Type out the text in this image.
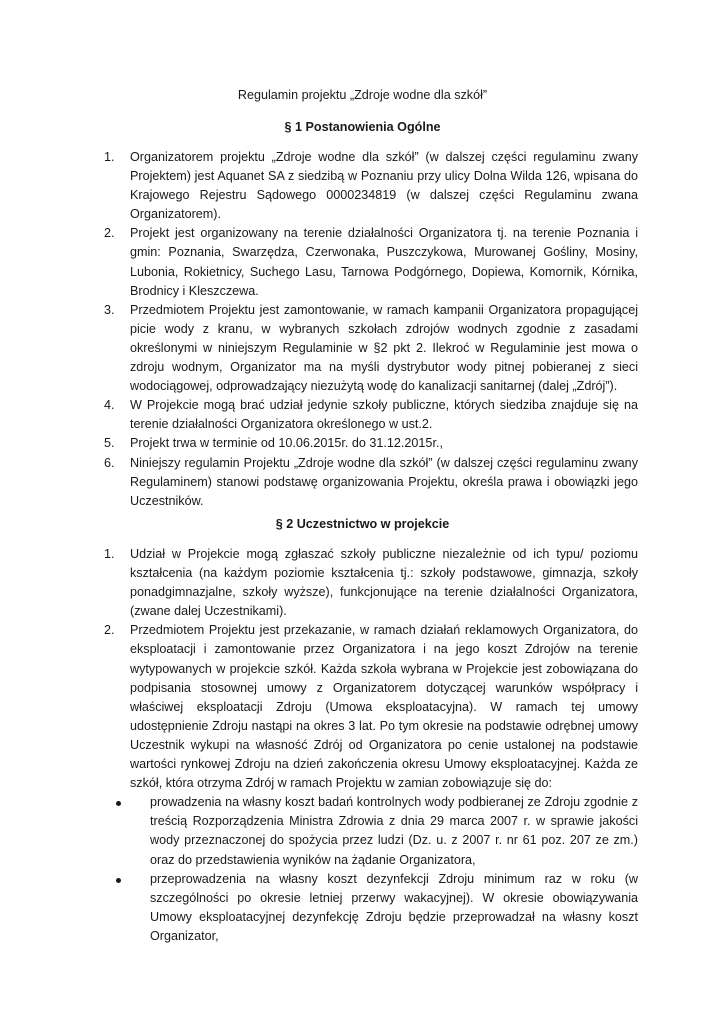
Regulamin projektu „Zdroje wodne dla szkół”
§ 1 Postanowienia Ogólne
1.	Organizatorem projektu „Zdroje wodne dla szkół” (w dalszej części regulaminu zwany Projektem) jest Aquanet SA z siedzibą w Poznaniu przy ulicy Dolna Wilda 126, wpisana do Krajowego Rejestru Sądowego 0000234819 (w dalszej części Regulaminu zwana Organizatorem).
2.	Projekt jest organizowany na terenie działalności Organizatora tj. na terenie Poznania i gmin: Poznania, Swarzędza, Czerwonaka, Puszczykowa, Murowanej Gośliny, Mosiny, Lubonia, Rokietnicy, Suchego Lasu, Tarnowa Podgórnego, Dopiewa, Komornik, Kórnika, Brodnicy i Kleszczewa.
3.	Przedmiotem Projektu jest zamontowanie, w ramach kampanii Organizatora propagującej picie wody z kranu, w wybranych szkołach zdrojów wodnych zgodnie z zasadami określonymi w niniejszym Regulaminie w §2 pkt 2. Ilekroć w Regulaminie jest mowa o zdroju wodnym, Organizator ma na myśli dystrybutor wody pitnej pobieranej z sieci wodociągowej, odprowadzający niezużytą wodę do kanalizacji sanitarnej (dalej „Zdrój”).
4.	W Projekcie mogą brać udział jedynie szkoły publiczne, których siedziba znajduje się na terenie działalności Organizatora określonego w ust.2.
5.	Projekt trwa w terminie od 10.06.2015r. do 31.12.2015r.,
6.	Niniejszy regulamin Projektu „Zdroje wodne dla szkół” (w dalszej części regulaminu zwany Regulaminem) stanowi podstawę organizowania Projektu, określa prawa i obowiązki jego Uczestników.
§ 2 Uczestnictwo w projekcie
1.	Udział w Projekcie mogą zgłaszać szkoły publiczne niezależnie od ich typu/ poziomu kształcenia (na każdym poziomie kształcenia tj.: szkoły podstawowe, gimnazja, szkoły ponadgimnazjalne, szkoły wyższe), funkcjonujące na terenie działalności Organizatora, (zwane dalej Uczestnikami).
2.	Przedmiotem Projektu jest przekazanie, w ramach działań reklamowych Organizatora, do eksploatacji i zamontowanie przez Organizatora i na jego koszt Zdrojów na terenie wytypowanych w projekcie szkół. Każda szkoła wybrana w Projekcie jest zobowiązana do podpisania stosownej umowy z Organizatorem dotyczącej warunków współpracy i właściwej eksploatacji Zdroju (Umowa eksploatacyjna). W ramach tej umowy udostępnienie Zdroju nastąpi na okres 3 lat. Po tym okresie na podstawie odrębnej umowy Uczestnik wykupi na własność Zdrój od Organizatora po cenie ustalonej na podstawie wartości rynkowej Zdroju na dzień zakończenia okresu Umowy eksploatacyjnej. Każda ze szkół, która otrzyma Zdrój w ramach Projektu w zamian zobowiązuje się do:
prowadzenia na własny koszt badań kontrolnych wody podbieranej ze Zdroju zgodnie z treścią Rozporządzenia Ministra Zdrowia z dnia 29 marca 2007 r. w sprawie jakości wody przeznaczonej do spożycia przez ludzi (Dz. u. z 2007 r. nr 61 poz. 207 ze zm.) oraz do przedstawienia wyników na żądanie Organizatora,
przeprowadzenia na własny koszt dezynfekcji Zdroju minimum raz w roku (w szczególności po okresie letniej przerwy wakacyjnej). W okresie obowiązywania Umowy eksploatacyjnej dezynfekcję Zdroju będzie przeprowadzał na własny koszt Organizator,
